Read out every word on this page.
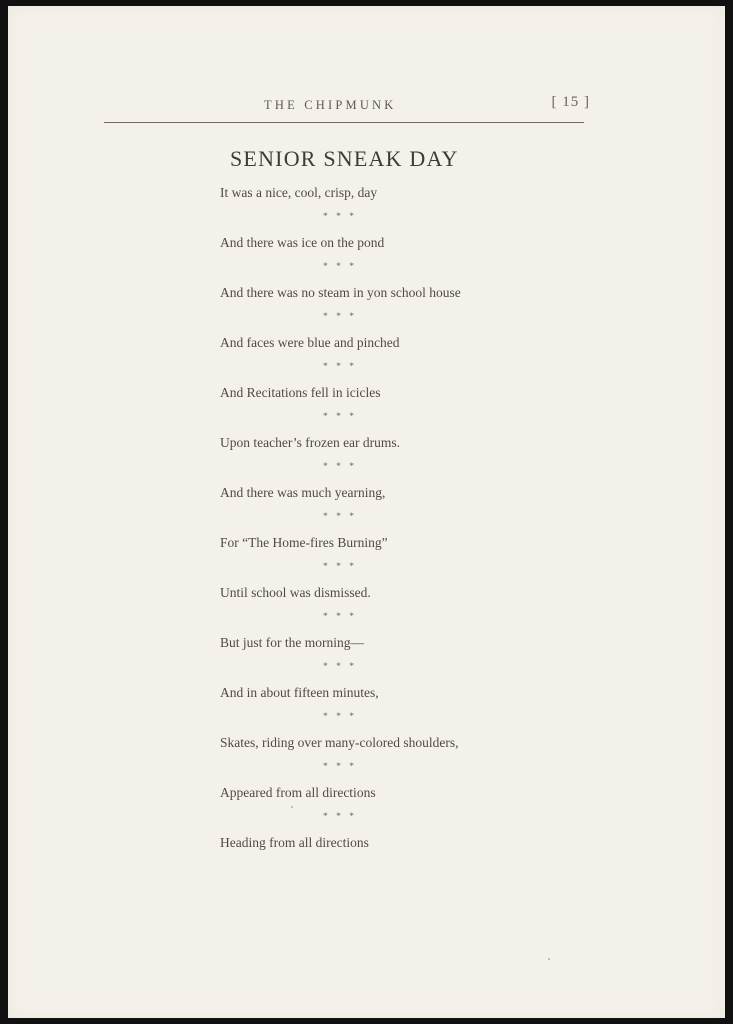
THE CHIPMUNK	[ 15 ]
SENIOR SNEAK DAY
It was a nice, cool, crisp, day
* * *
And there was ice on the pond
* * *
And there was no steam in yon school house
* * *
And faces were blue and pinched
* * *
And Recitations fell in icicles
* * *
Upon teacher’s frozen ear drums.
* * *
And there was much yearning,
* * *
For “The Home-fires Burning”
* * *
Until school was dismissed.
* * *
But just for the morning—
* * *
And in about fifteen minutes,
* * *
Skates, riding over many-colored shoulders,
* * *
Appeared from all directions
* * *
Heading from all directions
